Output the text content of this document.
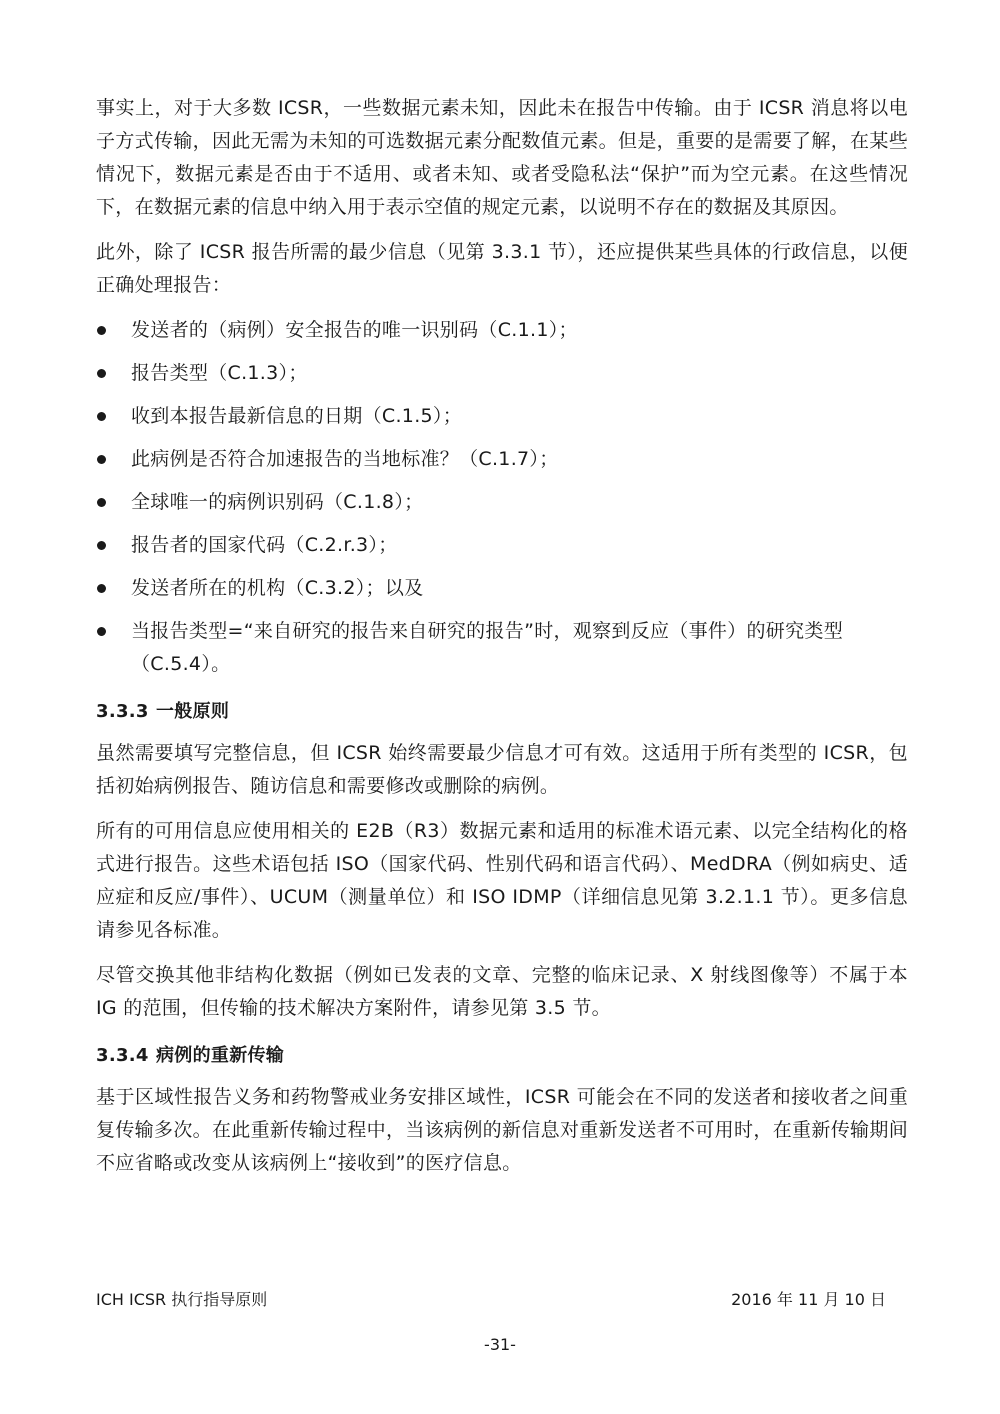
事实上，对于大多数 ICSR，一些数据元素未知，因此未在报告中传输。由于 ICSR 消息将以电子方式传输，因此无需为未知的可选数据元素分配数值元素。但是，重要的是需要了解，在某些情况下，数据元素是否由于不适用、或者未知、或者受隐私法“保护”而为空元素。在这些情况下，在数据元素的信息中纳入用于表示空值的规定元素，以说明不存在的数据及其原因。

此外，除了 ICSR 报告所需的最少信息（见第 3.3.1 节），还应提供某些具体的行政信息，以便正确处理报告：

发送者的（病例）安全报告的唯一识别码（C.1.1）；
报告类型（C.1.3）；
收到本报告最新信息的日期（C.1.5）；
此病例是否符合加速报告的当地标准？（C.1.7）；
全球唯一的病例识别码（C.1.8）；
报告者的国家代码（C.2.r.3）；
发送者所在的机构（C.3.2）；以及
当报告类型=“来自研究的报告来自研究的报告”时，观察到反应（事件）的研究类型（C.5.4）。
3.3.3 一般原则

虽然需要填写完整信息，但 ICSR 始终需要最少信息才可有效。这适用于所有类型的 ICSR，包括初始病例报告、随访信息和需要修改或删除的病例。

所有的可用信息应使用相关的 E2B（R3）数据元素和适用的标准术语元素、以完全结构化的格式进行报告。这些术语包括 ISO（国家代码、性别代码和语言代码）、MedDRA（例如病史、适应症和反应/事件）、UCUM（测量单位）和 ISO IDMP（详细信息见第 3.2.1.1 节）。更多信息请参见各标准。

尽管交换其他非结构化数据（例如已发表的文章、完整的临床记录、X 射线图像等）不属于本 IG 的范围，但传输的技术解决方案附件，请参见第 3.5 节。

3.3.4 病例的重新传输

基于区域性报告义务和药物警戒业务安排区域性，ICSR 可能会在不同的发送者和接收者之间重复传输多次。在此重新传输过程中，当该病例的新信息对重新发送者不可用时，在重新传输期间不应省略或改变从该病例上“接收到”的医疗信息。

ICH ICSR 执行指导原则	2016 年 11 月 10 日
-31-
